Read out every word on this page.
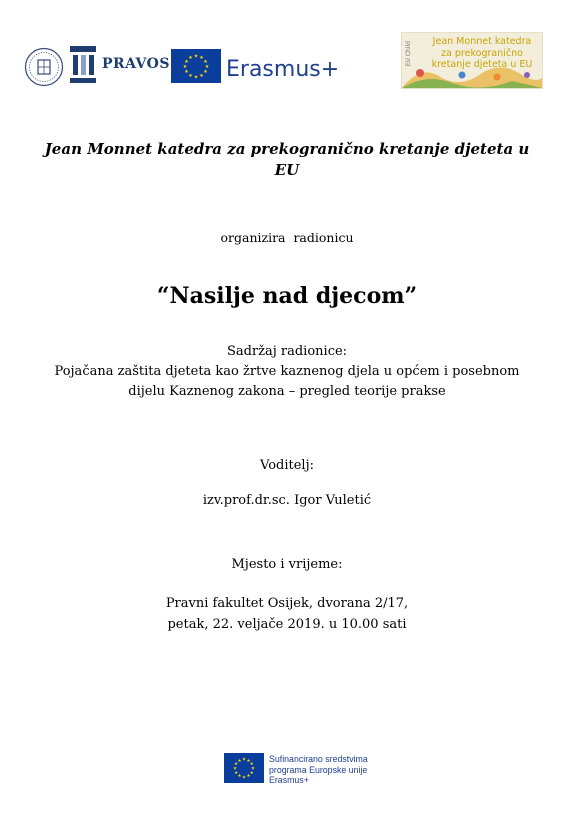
PRAVOS	★ ★
★
★
★
★
★
★
★
★
★
★ Erasmus+
EU Child	Jean Monnet katedra
za prekogranično
kretanje djeteta u EU
Jean Monnet katedra za prekogranično kretanje djeteta u
EU
organizira  radionicu
“Nasilje nad djecom”
Sadržaj radionice:
Pojačana zaštita djeteta kao žrtve kaznenog djela u općem i posebnom
dijelu Kaznenog zakona – pregled teorije prakse
Voditelj:
izv.prof.dr.sc. Igor Vuletić
Mjesto i vrijeme:
Pravni fakultet Osijek, dvorana 2/17,
petak, 22. veljače 2019. u 10.00 sati
★ ★
★
★
★
★
★
★
★
★
★
★	Sufinancirano sredstvima
programa Europske unije
Erasmus+
